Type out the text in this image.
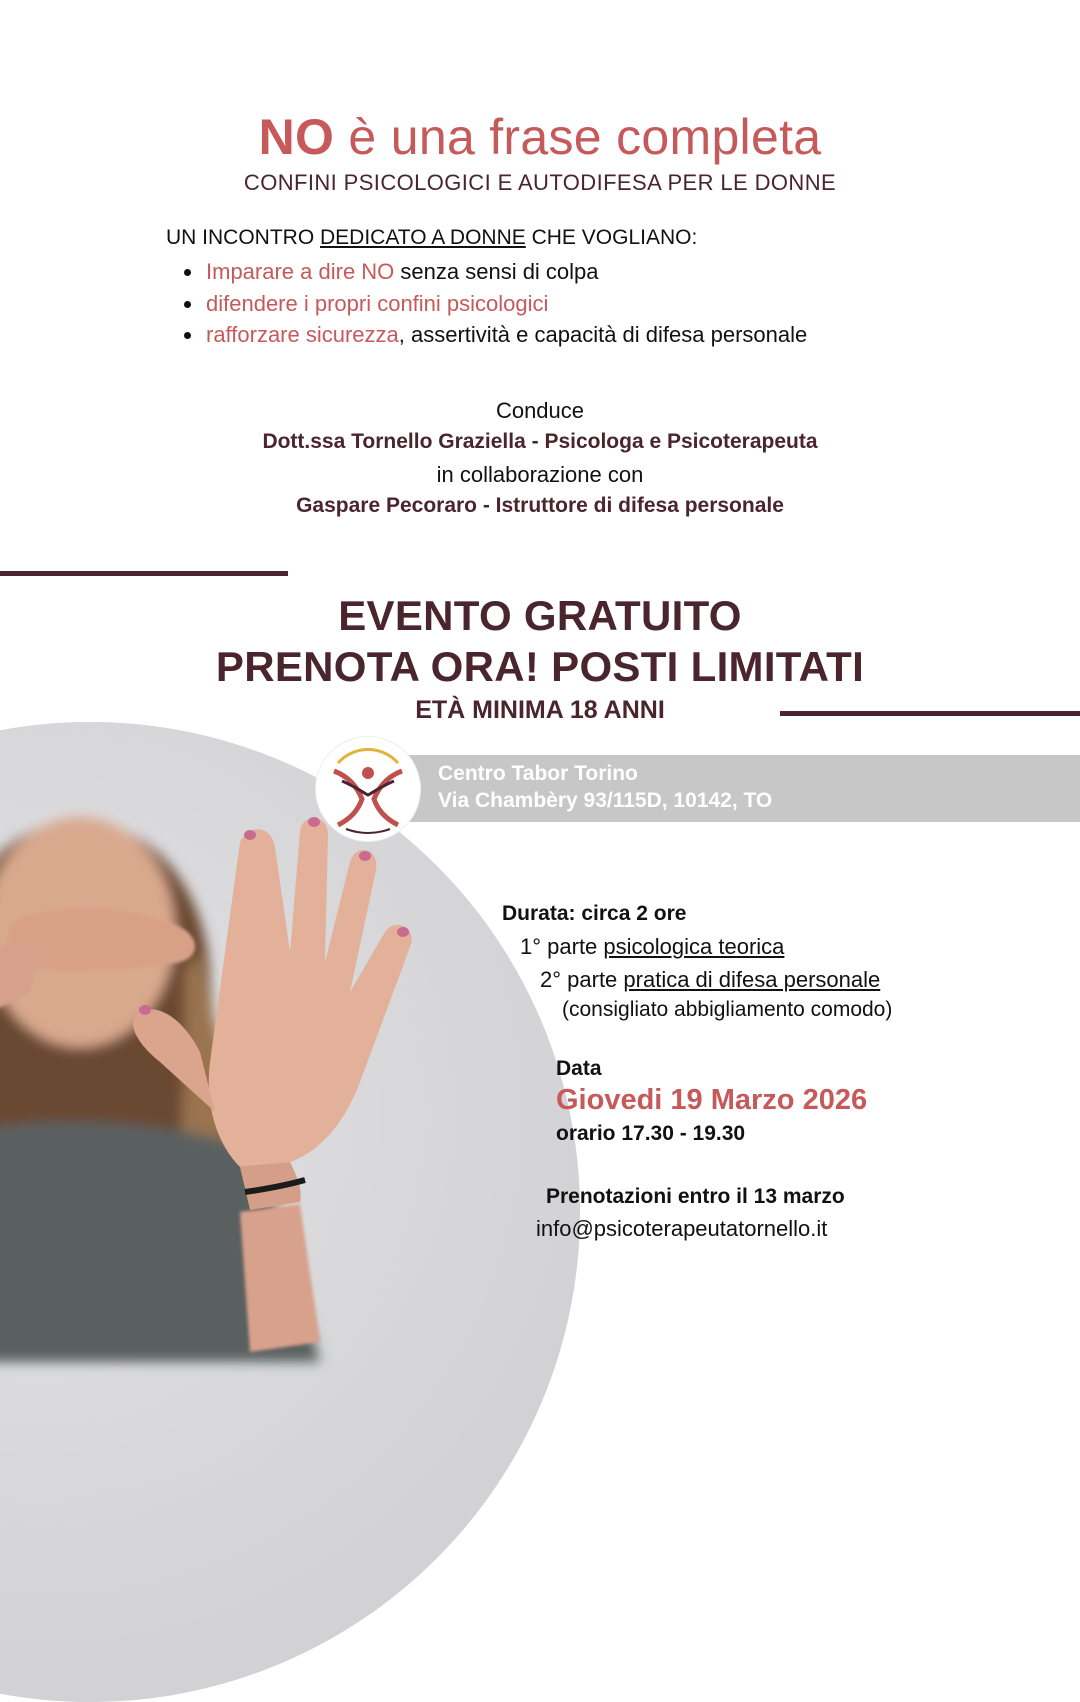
NO è una frase completa
CONFINI PSICOLOGICI E AUTODIFESA PER LE DONNE
UN INCONTRO DEDICATO A DONNE CHE VOGLIANO:
• Imparare a dire NO senza sensi di colpa
• difendere i propri confini psicologici
• rafforzare sicurezza, assertività e capacità di difesa personale
Conduce
Dott.ssa Tornello Graziella - Psicologa e Psicoterapeuta
in collaborazione con
Gaspare Pecoraro - Istruttore di difesa personale
EVENTO GRATUITO
PRENOTA ORA! POSTI LIMITATI
ETÀ MINIMA 18 ANNI
Centro Tabor Torino
Via Chambèry 93/115D, 10142, TO
Durata: circa 2 ore
1° parte psicologica teorica
2° parte pratica di difesa personale
(consigliato abbigliamento comodo)
Data
Giovedi 19 Marzo 2026
orario 17.30 - 19.30
Prenotazioni entro il 13 marzo
info@psicoterapeutatornello.it
